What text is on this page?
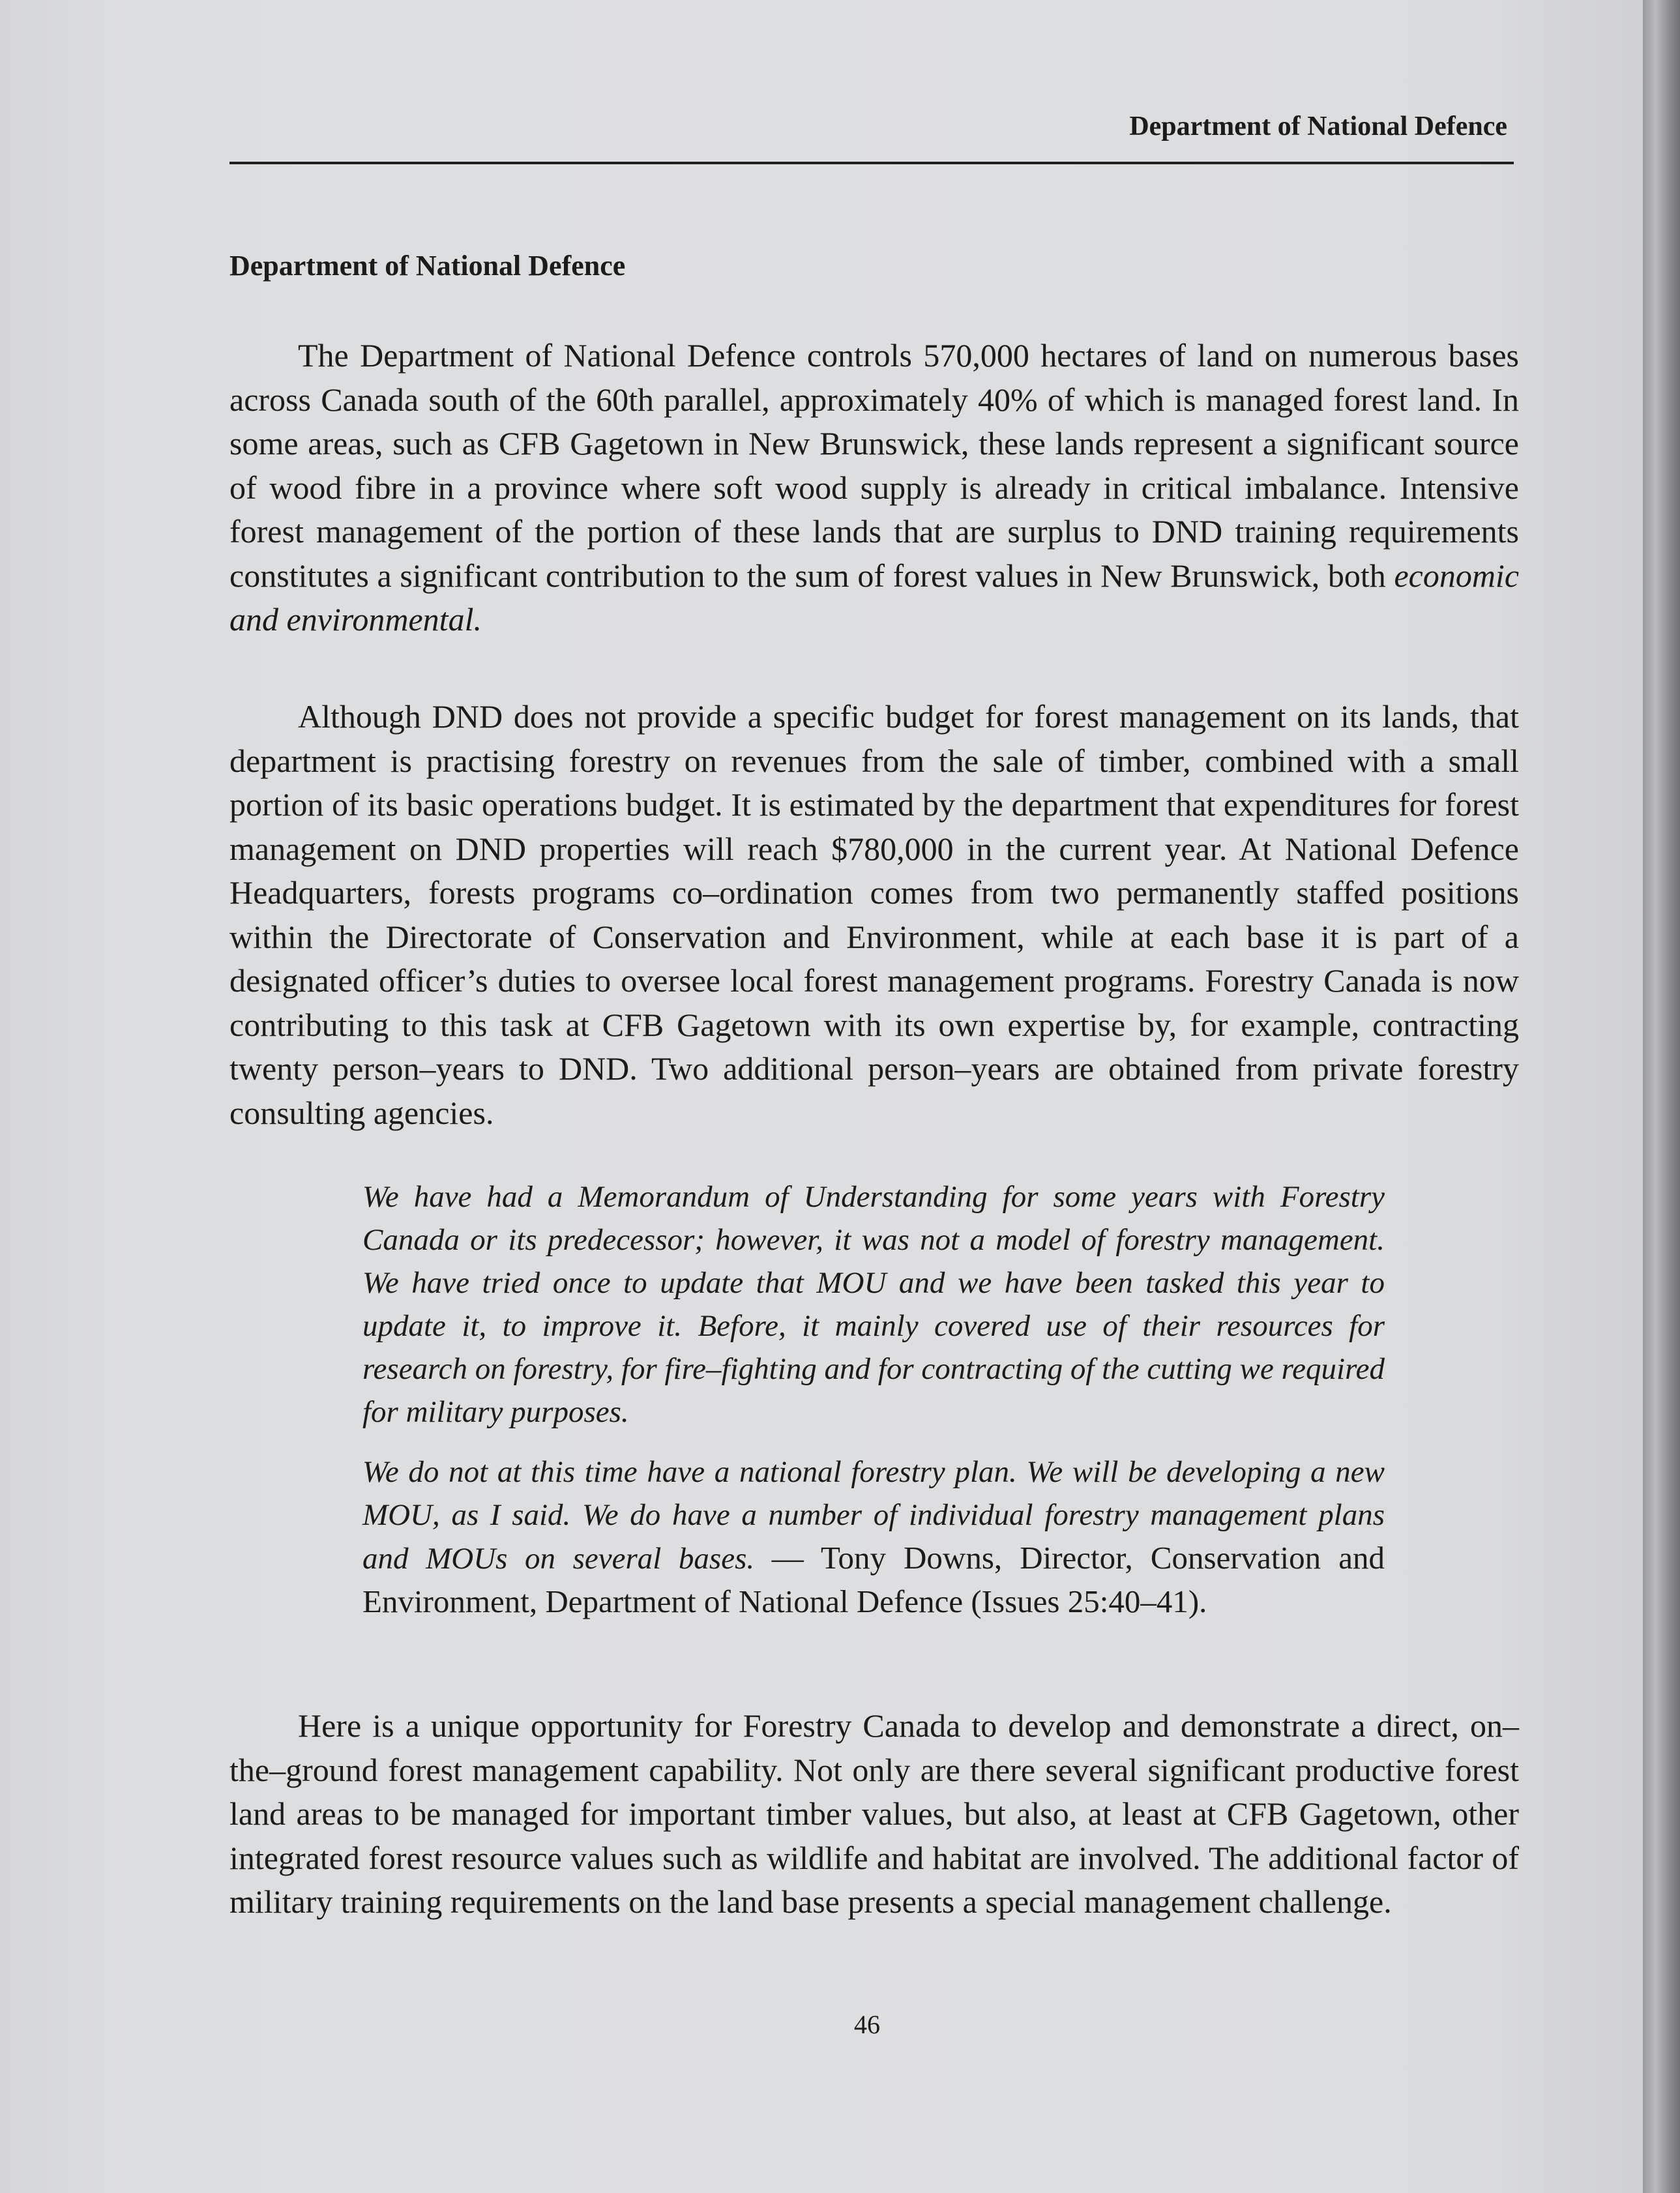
Department of National Defence
Department of National Defence

The Department of National Defence controls 570,000 hectares of land on numerous bases across Canada south of the 60th parallel, approximately 40% of which is managed forest land. In some areas, such as CFB Gagetown in New Brunswick, these lands represent a significant source of wood fibre in a province where soft wood supply is already in critical imbalance. Intensive forest management of the portion of these lands that are surplus to DND training requirements constitutes a significant contribution to the sum of forest values in New Brunswick, both economic and environmental.

Although DND does not provide a specific budget for forest management on its lands, that department is practising forestry on revenues from the sale of timber, combined with a small portion of its basic operations budget. It is estimated by the department that expenditures for forest management on DND properties will reach $780,000 in the current year. At National Defence Headquarters, forests programs co–ordination comes from two permanently staffed positions within the Directorate of Conservation and Environment, while at each base it is part of a designated officer’s duties to oversee local forest management programs. Forestry Canada is now contributing to this task at CFB Gagetown with its own expertise by, for example, contracting twenty person–years to DND. Two additional person–years are obtained from private forestry consulting agencies.

We have had a Memorandum of Understanding for some years with Forestry Canada or its predecessor; however, it was not a model of forestry management. We have tried once to update that MOU and we have been tasked this year to update it, to improve it. Before, it mainly covered use of their resources for research on forestry, for fire–fighting and for contracting of the cutting we required for military purposes.

We do not at this time have a national forestry plan. We will be developing a new MOU, as I said. We do have a number of individual forestry management plans and MOUs on several bases. — Tony Downs, Director, Conservation and Environment, Department of National Defence (Issues 25:40–41).

Here is a unique opportunity for Forestry Canada to develop and demonstrate a direct, on–the–ground forest management capability. Not only are there several significant productive forest land areas to be managed for important timber values, but also, at least at CFB Gagetown, other integrated forest resource values such as wildlife and habitat are involved. The additional factor of military training requirements on the land base presents a special management challenge.

46
